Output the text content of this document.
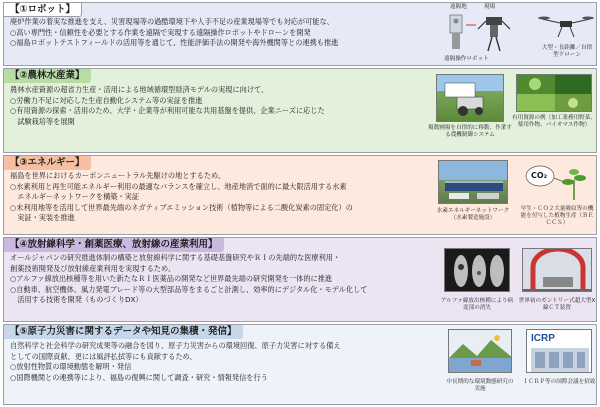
【①ロボット】
廃炉作業の着実な推進を支え、災害現場等の過酷環境下や人手不足の産業現場等でも対応が可能な、
○高い専門性・信頼性を必要とする作業を遠隔で実現する遠隔操作ロボットやドローンを開発
○福島ロボットテストフィールドの活用等を通じて、性能評価手法の開発や海外機関等との連携も推進
遠隔地	現場
遠隔操作ロボット
大型・長距離／自律型ドローン
【②農林水産業】
農林水産資源の超省力生産・活用による地域循環型経済モデルの実現に向けて、
○労働力不足に対応した生産自動化システム等の実証を推進
○有用資源の探索・活用のため、大学・企業等が利用可能な共用基盤を提供、企業ニーズに応じた
　試験栽培等を展開
複数圃場を自律的に移動、作業する農機制御システム
有用資源の例（加工業務用野菜、薬用作物、バイオマス作物）
【③エネルギー】
福島を世界におけるカーボンニュートラル先駆けの地とするため、
○水素利用と再生可能エネルギー利用の最適なバランスを確立し、地産地消で面的に最大限活用する水素
　エネルギーネットワークを構築・実証
○未利用地等を活用して世界最先端のネガティブエミッション技術（植物等による二酸化炭素の固定化）の
　実証・実装を推進
水素エネルギーネットワーク（水素製造施設）
CO₂
早生・ＣＯ２大量吸収等の機能を付与した植物生産（ＢＥＣＣＳ）
【④放射線科学・創薬医療、放射線の産業利用】
オールジャパンの研究推進体制の構築と放射線科学に関する基礎基盤研究やＲＩの先端的な医療利用・
創薬技術開発及び放射線産業利用を実現するため、
○アルファ線放出核種等を用いた新たなＲＩ医薬品の開発など世界最先端の研究開発を一体的に推進
○自動車、航空機体、風力発電ブレード等の大型部品等をまるごと計測し、効率的にデジタル化・モデル化して
　活用する技術を開発（ものづくりDX）	アルファ線放出核種により病変部の消失
世界初のガントリー式超大型X線ＣＴ装置
【⑤原子力災害に関するデータや知見の集積・発信】
自然科学と社会科学の研究成果等の融合を図り、原子力災害からの環境回復、原子力災害に対する備え
としての国際貢献、更には風評払拭等にも貢献するため、
○放射性物質の環境動態を解明・発信
○国際機関との連携等により、福島の復興に関して調査・研究・情報発信を行う
中長期的な環境動態研究の実施
ICRP
ＩＣＲＰ等の国際会議を招致
